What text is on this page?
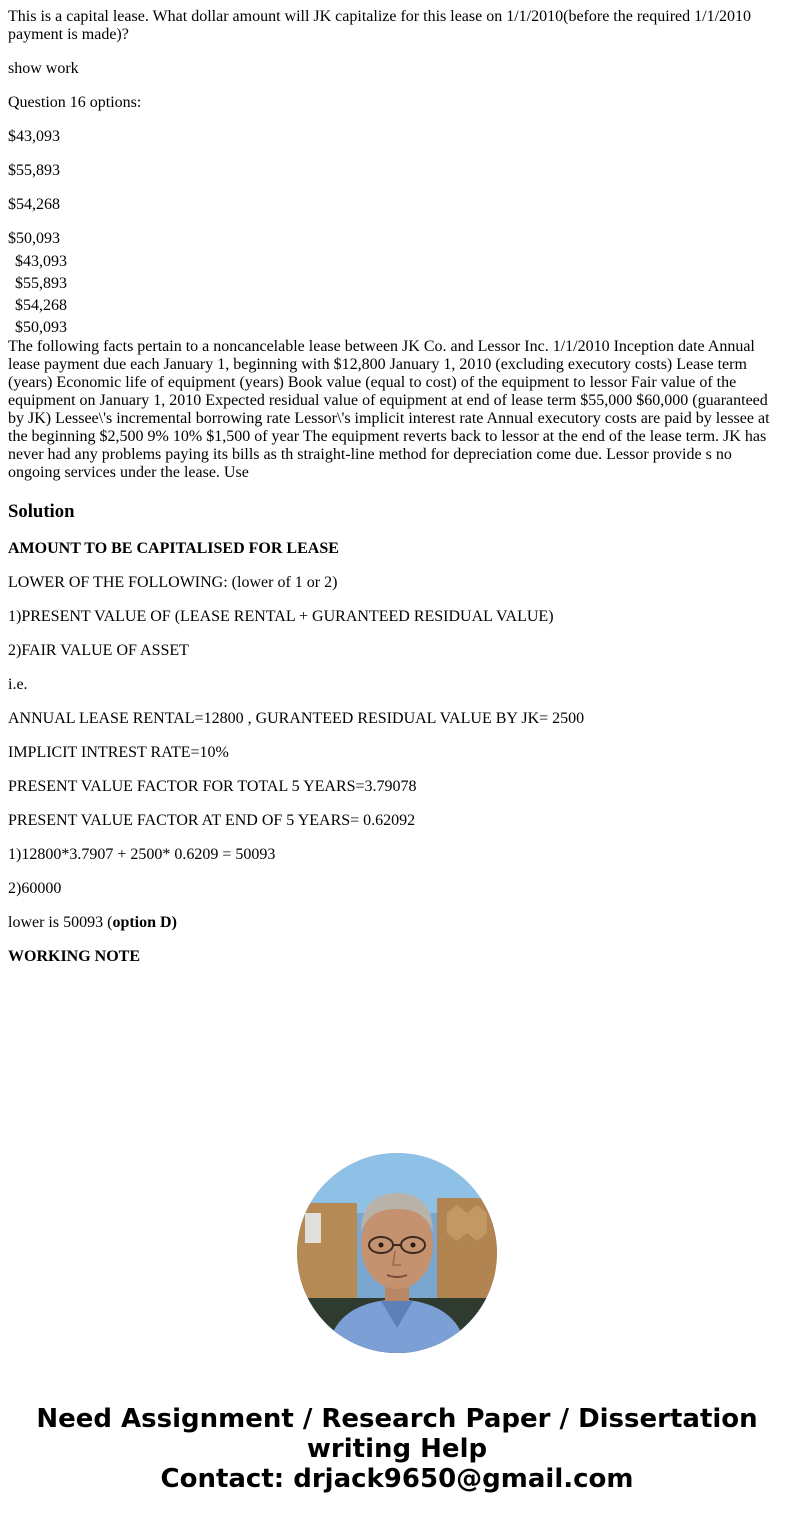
This is a capital lease. What dollar amount will JK capitalize for this lease on 1/1/2010(before the required 1/1/2010 payment is made)?

show work

Question 16 options:

$43,093

$55,893

$54,268

$50,093

$43,093
$55,893
$54,268
$50,093
The following facts pertain to a noncancelable lease between JK Co. and Lessor Inc. 1/1/2010 Inception date Annual lease payment due each January 1, beginning with $12,800 January 1, 2010 (excluding executory costs) Lease term (years) Economic life of equipment (years) Book value (equal to cost) of the equipment to lessor Fair value of the equipment on January 1, 2010 Expected residual value of equipment at end of lease term $55,000 $60,000 (guaranteed by JK) Lessee\'s incremental borrowing rate Lessor\'s implicit interest rate Annual executory costs are paid by lessee at the beginning $2,500 9% 10% $1,500 of year The equipment reverts back to lessor at the end of the lease term. JK has never had any problems paying its bills as th straight-line method for depreciation come due. Lessor provide s no ongoing services under the lease. Use
Solution

AMOUNT TO BE CAPITALISED FOR LEASE

LOWER OF THE FOLLOWING: (lower of 1 or 2)

1)PRESENT VALUE OF (LEASE RENTAL + GURANTEED RESIDUAL VALUE)

2)FAIR VALUE OF ASSET

i.e.

ANNUAL LEASE RENTAL=12800 , GURANTEED RESIDUAL VALUE BY JK= 2500

IMPLICIT INTREST RATE=10%

PRESENT VALUE FACTOR FOR TOTAL 5 YEARS=3.79078

PRESENT VALUE FACTOR AT END OF 5 YEARS= 0.62092

1)12800*3.7907 + 2500* 0.6209 = 50093

2)60000

lower is 50093 (option D)

WORKING NOTE

Need Assignment / Research Paper / Dissertation
writing Help
Contact: drjack9650@gmail.com
